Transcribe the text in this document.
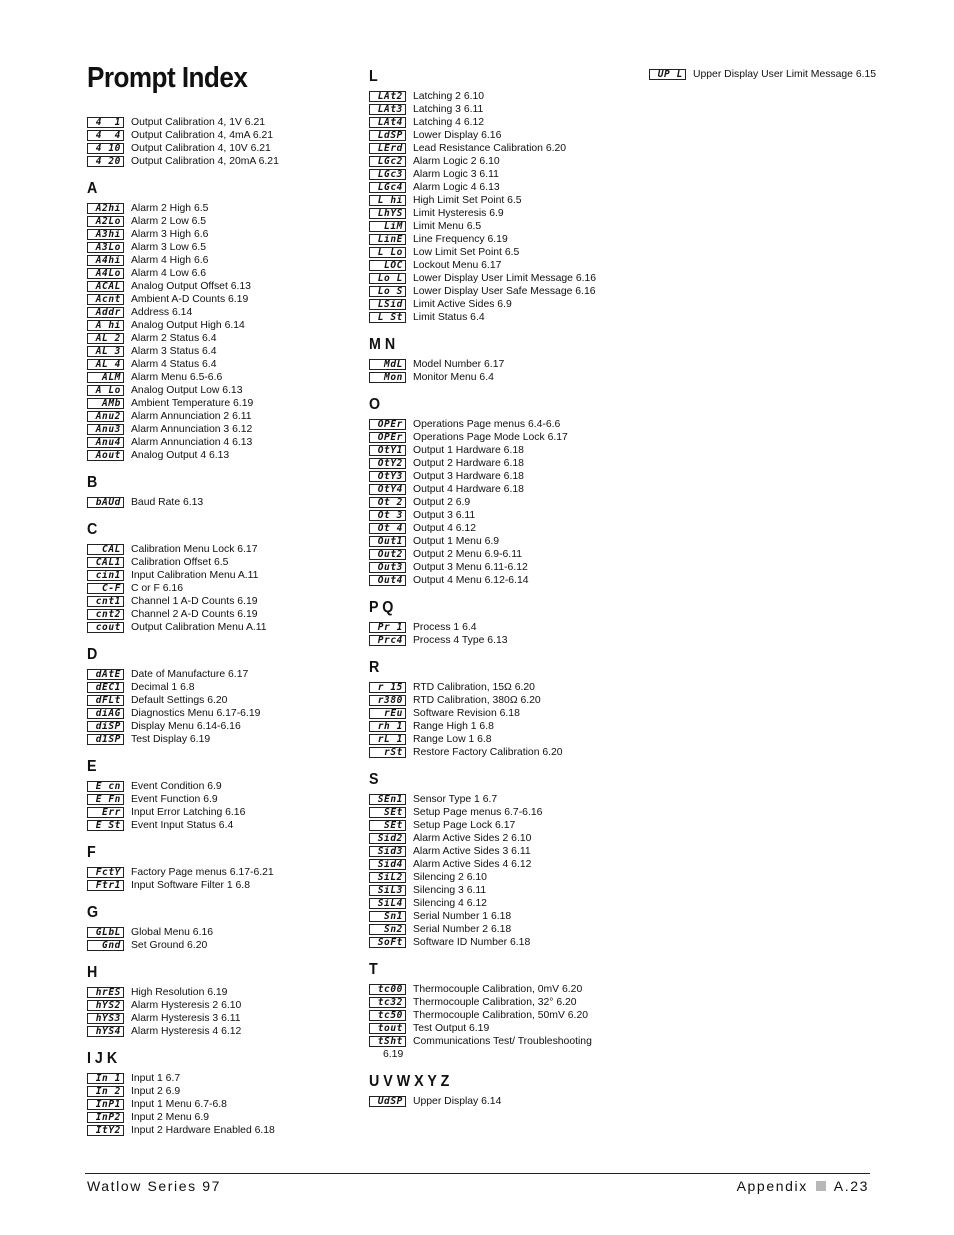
Prompt Index
4  1 Output Calibration 4, 1V 6.21
4  4 Output Calibration 4, 4mA 6.21
4 10 Output Calibration 4, 10V 6.21
4 20 Output Calibration 4, 20mA 6.21
A
A2hi Alarm 2 High 6.5
A2Lo Alarm 2 Low 6.5
A3hi Alarm 3 High 6.6
A3Lo Alarm 3 Low 6.5
A4hi Alarm 4 High 6.6
A4Lo Alarm 4 Low 6.6
ACAL Analog Output Offset 6.13
Acnt Ambient A-D Counts 6.19
Addr Address 6.14
A hi Analog Output High 6.14
AL 2 Alarm 2 Status 6.4
AL 3 Alarm 3 Status 6.4
AL 4 Alarm 4 Status 6.4
ALM Alarm Menu 6.5-6.6
A Lo Analog Output Low 6.13
AMb Ambient Temperature 6.19
Anu2 Alarm Annunciation 2 6.11
Anu3 Alarm Annunciation 3 6.12
Anu4 Alarm Annunciation 4 6.13
Aout Analog Output 4 6.13
B
bAUd Baud Rate 6.13
C
CAL Calibration Menu Lock 6.17
CAL1 Calibration Offset 6.5
cin1 Input Calibration Menu A.11
C-F C or F 6.16
cnt1 Channel 1 A-D Counts 6.19
cnt2 Channel 2 A-D Counts 6.19
cout Output Calibration Menu A.11
D
dAtE Date of Manufacture 6.17
dEC1 Decimal 1 6.8
dFLt Default Settings 6.20
diAG Diagnostics Menu 6.17-6.19
diSP Display Menu 6.14-6.16
d1SP Test Display 6.19
E
E cn Event Condition 6.9
E Fn Event Function 6.9
Err Input Error Latching 6.16
E St Event Input Status 6.4
F
FctY Factory Page menus 6.17-6.21
Ftr1 Input Software Filter 1 6.8
G
GLbL Global Menu 6.16
Gnd Set Ground 6.20
H
hrES High Resolution 6.19
hYS2 Alarm Hysteresis 2 6.10
hYS3 Alarm Hysteresis 3 6.11
hYS4 Alarm Hysteresis 4 6.12
I J K
In 1 Input 1 6.7
In 2 Input 2 6.9
InP1 Input 1 Menu 6.7-6.8
InP2 Input 2 Menu 6.9
ItY2 Input 2 Hardware Enabled 6.18
L
LAt2 Latching 2 6.10
LAt3 Latching 3 6.11
LAt4 Latching 4 6.12
LdSP Lower Display 6.16
LErd Lead Resistance Calibration 6.20
LGc2 Alarm Logic 2 6.10
LGc3 Alarm Logic 3 6.11
LGc4 Alarm Logic 4 6.13
L hi High Limit Set Point 6.5
LhYS Limit Hysteresis 6.9
LiM Limit Menu 6.5
LinE Line Frequency 6.19
L Lo Low Limit Set Point 6.5
LOC Lockout Menu 6.17
Lo L Lower Display User Limit Message 6.16
Lo S Lower Display User Safe Message 6.16
LSid Limit Active Sides 6.9
L St Limit Status 6.4
M N
MdL Model Number 6.17
Mon Monitor Menu 6.4
O
OPEr Operations Page menus 6.4-6.6
OPEr Operations Page Mode Lock 6.17
OtY1 Output 1 Hardware 6.18
OtY2 Output 2 Hardware 6.18
OtY3 Output 3 Hardware 6.18
OtY4 Output 4 Hardware 6.18
Ot 2 Output 2 6.9
Ot 3 Output 3 6.11
Ot 4 Output 4 6.12
Out1 Output 1 Menu 6.9
Out2 Output 2 Menu 6.9-6.11
Out3 Output 3 Menu 6.11-6.12
Out4 Output 4 Menu 6.12-6.14
P Q
Pr 1 Process 1 6.4
Prc4 Process 4 Type 6.13
R
r 15 RTD Calibration, 15Ω 6.20
r380 RTD Calibration, 380Ω 6.20
rEu Software Revision 6.18
rh 1 Range High 1 6.8
rL 1 Range Low 1 6.8
rSt Restore Factory Calibration 6.20
S
SEn1 Sensor Type 1 6.7
SEt Setup Page menus 6.7-6.16
SEt Setup Page Lock 6.17
Sid2 Alarm Active Sides 2 6.10
Sid3 Alarm Active Sides 3 6.11
Sid4 Alarm Active Sides 4 6.12
SiL2 Silencing 2 6.10
SiL3 Silencing 3 6.11
SiL4 Silencing 4 6.12
Sn1 Serial Number 1 6.18
Sn2 Serial Number 2 6.18
SoFt Software ID Number 6.18
T
tc00 Thermocouple Calibration, 0mV 6.20
tc32 Thermocouple Calibration, 32° 6.20
tc50 Thermocouple Calibration, 50mV 6.20
tout Test Output 6.19
tSht Communications Test/ Troubleshooting
6.19
U V W X Y Z
UdSP Upper Display 6.14
UP L Upper Display User Limit Message 6.15
Watlow Series 97	Appendix A.23
